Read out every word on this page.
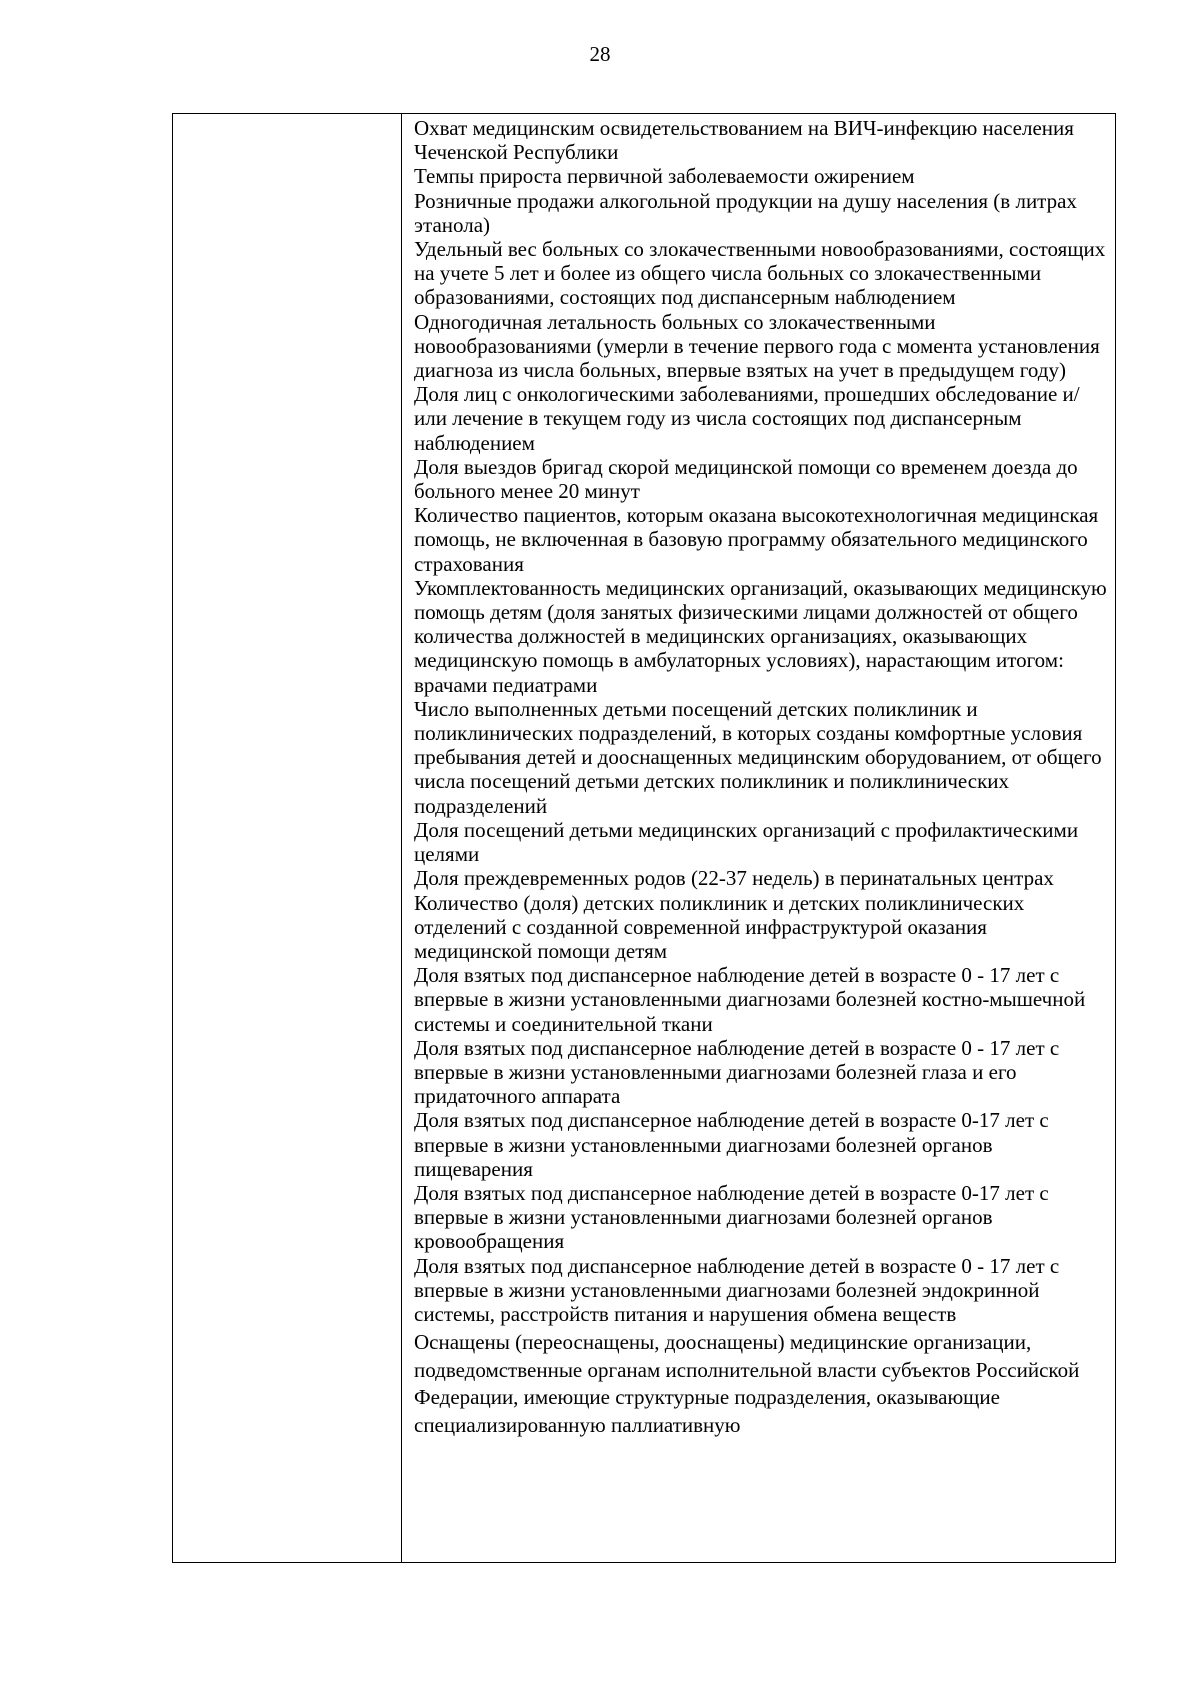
28

Охват медицинским освидетельствованием на ВИЧ-инфекцию населения Чеченской Республики

Темпы прироста первичной заболеваемости ожирением

Розничные продажи алкогольной продукции на душу населения (в литрах этанола)

Удельный вес больных со злокачественными новообразованиями, состоящих на учете 5 лет и более из общего числа больных со злокачественными образованиями, состоящих под диспансерным наблюдением

Одногодичная летальность больных со злокачественными новообразованиями (умерли в течение первого года с момента установления диагноза из числа больных, впервые взятых на учет в предыдущем году)

Доля лиц с онкологическими заболеваниями, прошедших обследование и/или лечение в текущем году из числа состоящих под диспансерным наблюдением

Доля выездов бригад скорой медицинской помощи со временем доезда до больного менее 20 минут

Количество пациентов, которым оказана высокотехнологичная медицинская помощь, не включенная в базовую программу обязательного медицинского страхования

Укомплектованность медицинских организаций, оказывающих медицинскую помощь детям (доля занятых физическими лицами должностей от общего количества должностей в медицинских организациях, оказывающих медицинскую помощь в амбулаторных условиях), нарастающим итогом: врачами педиатрами

Число выполненных детьми посещений детских поликлиник и поликлинических подразделений, в которых созданы комфортные условия пребывания детей и дооснащенных медицинским оборудованием, от общего числа посещений детьми детских поликлиник и поликлинических подразделений

Доля посещений детьми медицинских организаций с профилактическими целями

Доля преждевременных родов (22-37 недель) в перинатальных центрах

Количество (доля) детских поликлиник и детских поликлинических отделений с созданной современной инфраструктурой оказания медицинской помощи детям

Доля взятых под диспансерное наблюдение детей в возрасте 0 - 17 лет с впервые в жизни установленными диагнозами болезней костно-мышечной системы и соединительной ткани

Доля взятых под диспансерное наблюдение детей в возрасте 0 - 17 лет с впервые в жизни установленными диагнозами болезней глаза и его придаточного аппарата

Доля взятых под диспансерное наблюдение детей в возрасте 0-17 лет с впервые в жизни установленными диагнозами болезней органов пищеварения

Доля взятых под диспансерное наблюдение детей в возрасте 0-17 лет с впервые в жизни установленными диагнозами болезней органов кровообращения

Доля взятых под диспансерное наблюдение детей в возрасте 0 - 17 лет с впервые в жизни установленными диагнозами болезней эндокринной системы, расстройств питания и нарушения обмена веществ

Оснащены (переоснащены, дооснащены) медицинские организации, подведомственные органам исполнительной власти субъектов Российской Федерации, имеющие структурные подразделения, оказывающие специализированную паллиативную
